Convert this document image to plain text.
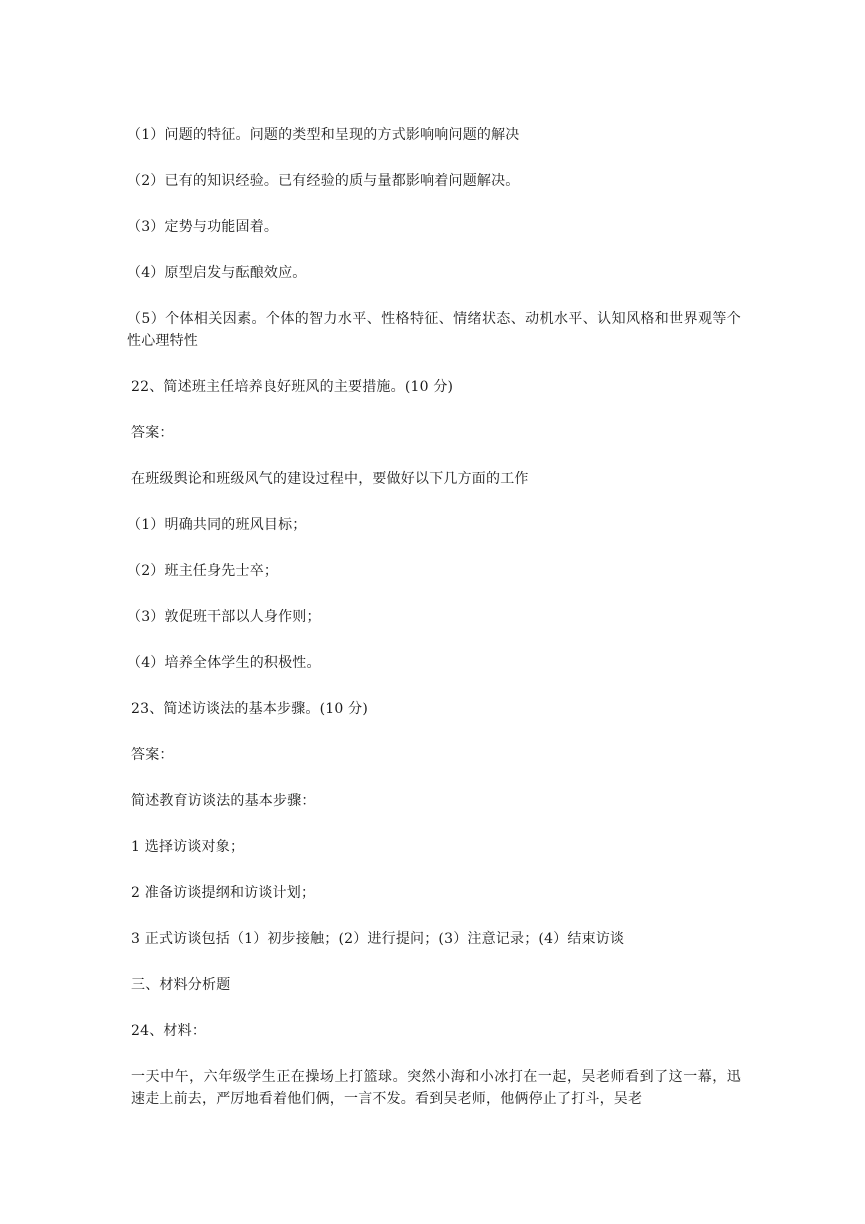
（1）问题的特征。问题的类型和呈现的方式影响响问题的解决

（2）已有的知识经验。已有经验的质与量都影响着问题解决。

（3）定势与功能固着。

（4）原型启发与酝酿效应。

（5）个体相关因素。个体的智力水平、性格特征、情绪状态、动机水平、认知风格和世界观等个性心理特性

22、简述班主任培养良好班风的主要措施。(10 分)

答案：

在班级舆论和班级风气的建设过程中，要做好以下几方面的工作

（1）明确共同的班风目标；

（2）班主任身先士卒；

（3）敦促班干部以人身作则；

（4）培养全体学生的积极性。

23、简述访谈法的基本步骤。(10 分)

答案：

简述教育访谈法的基本步骤：

1 选择访谈对象；

2 准备访谈提纲和访谈计划；

3 正式访谈包括（1）初步接触；(2）进行提问；(3）注意记录；(4）结束访谈

三、材料分析题

24、材料：

一天中午，六年级学生正在操场上打篮球。突然小海和小冰打在一起，吴老师看到了这一幕，迅速走上前去，严厉地看着他们俩，一言不发。看到吴老师，他俩停止了打斗，吴老
